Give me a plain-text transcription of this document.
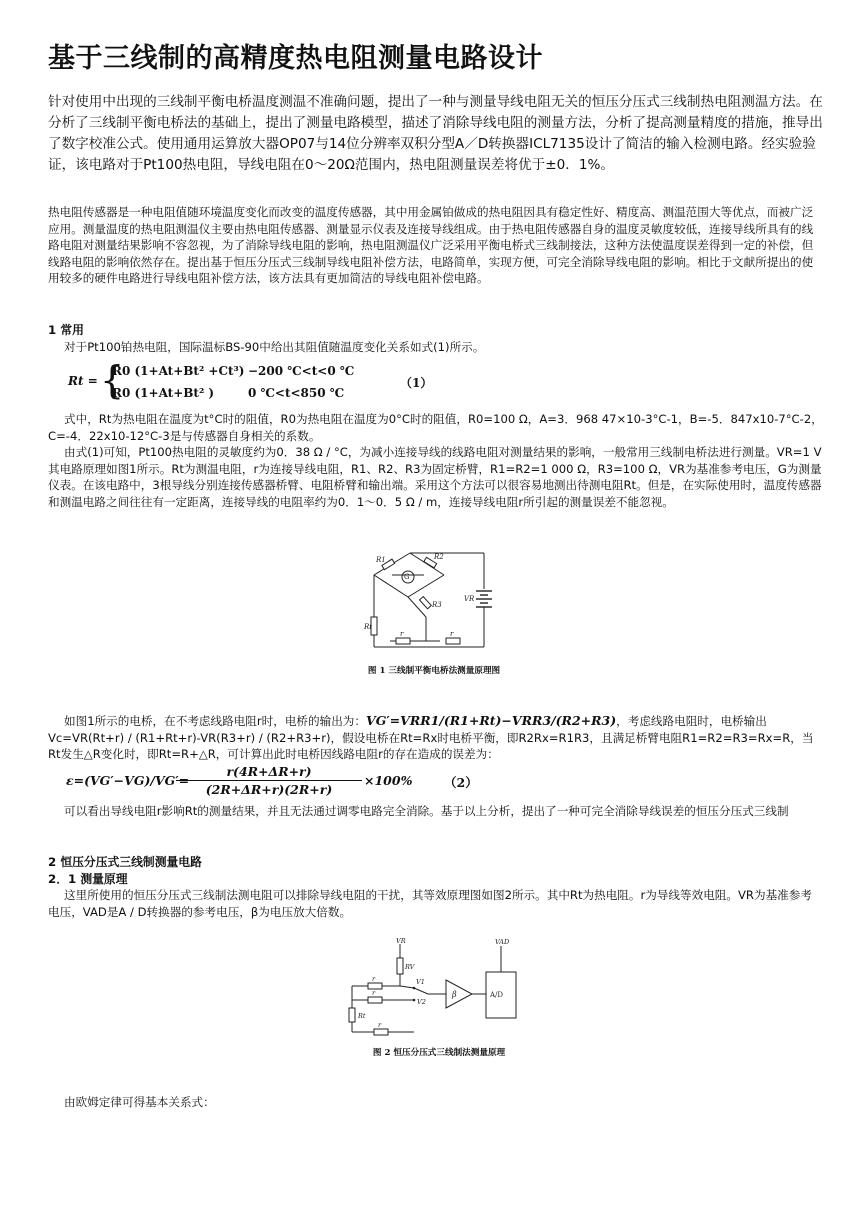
基于三线制的高精度热电阻测量电路设计

针对使用中出现的三线制平衡电桥温度测温不准确问题，提出了一种与测量导线电阻无关的恒压分压式三线制热电阻测温方法。在分析了三线制平衡电桥法的基础上，提出了测量电路模型，描述了消除导线电阻的测量方法，分析了提高测量精度的措施，推导出了数字校准公式。使用通用运算放大器OP07与14位分辨率双积分型A／D转换器ICL7135设计了简洁的输入检测电路。经实验验证，该电路对于Pt100热电阻，导线电阻在0～20Ω范围内，热电阻测量误差将优于±0．1%。

热电阻传感器是一种电阻值随环境温度变化而改变的温度传感器，其中用金属铂做成的热电阻因具有稳定性好、精度高、测温范围大等优点，而被广泛应用。测量温度的热电阻测温仪主要由热电阻传感器、测量显示仪表及连接导线组成。由于热电阻传感器自身的温度灵敏度较低，连接导线所具有的线路电阻对测量结果影响不容忽视，为了消除导线电阻的影响，热电阻测温仪广泛采用平衡电桥式三线制接法，这种方法使温度误差得到一定的补偿，但线路电阻的影响依然存在。提出基于恒压分压式三线制导线电阻补偿方法，电路简单，实现方便，可完全消除导线电阻的影响。相比于文献所提出的使用较多的硬件电路进行导线电阻补偿方法，该方法具有更加简洁的导线电阻补偿电路。

1 常用

对于Pt100铂热电阻，国际温标BS-90中给出其阻值随温度变化关系如式(1)所示。

Rt = {
R0 (1+At+Bt² +Ct³)
R0 (1+At+Bt² )
−200 ℃<t<0 ℃
0 ℃<t<850 ℃
（1）

式中，Rt为热电阻在温度为t°C时的阻值，R0为热电阻在温度为0°C时的阻值，R0=100 Ω，A=3．968 47×10-3°C-1，B=-5．847x10-7°C-2，C=-4．22x10-12°C-3是与传感器自身相关的系数。

由式(1)可知，Pt100热电阻的灵敏度约为0．38 Ω / °C，为减小连接导线的线路电阻对测量结果的影响，一般常用三线制电桥法进行测量。VR=1 V其电路原理如图1所示。Rt为测温电阻，r为连接导线电阻，R1、R2、R3为固定桥臂，R1=R2=1 000 Ω，R3=100 Ω，VR为基准参考电压，G为测量仪表。在该电路中，3根导线分别连接传感器桥臂、电阻桥臂和输出端。采用这个方法可以很容易地测出待测电阻Rt。但是，在实际使用时，温度传感器和测温电路之间往往有一定距离，连接导线的电阻率约为0．1～0．5 Ω / m，连接导线电阻r所引起的测量误差不能忽视。

R1	R2
G
R3
VR
Rt
r	r
图 1 三线制平衡电桥法测量原理图

如图1所示的电桥，在不考虑线路电阻r时，电桥的输出为：VG′=VRR1/(R1+Rt)−VRR3/(R2+R3)，考虑线路电阻时，电桥输出Vc=VR(Rt+r) / (R1+Rt+r)-VR(R3+r) / (R2+R3+r)，假设电桥在Rt=Rx时电桥平衡，即R2Rx=R1R3，且满足桥臂电阻R1=R2=R3=Rx=R，当Rt发生△R变化时，即Rt=R+△R，可计算出此时电桥因线路电阻r的存在造成的误差为：

ε=(VG′−VG)/VG′=
$\frac{r(4R+\Delta R+r)}{(2R+\Delta R+r)(2R+r)} \times 100\%$	（2）

可以看出导线电阻r影响Rt的测量结果，并且无法通过调零电路完全消除。基于以上分析，提出了一种可完全消除导线误差的恒压分压式三线制

2 恒压分压式三线制测量电路
2．1 测量原理

这里所使用的恒压分压式三线制法测电阻可以排除导线电阻的干扰，其等效原理图如图2所示。其中Rt为热电阻。r为导线等效电阻。VR为基准参考电压，VAD是A / D转换器的参考电压，β为电压放大倍数。

VR
RV
V1
V2
β	A/D
VAD
r
r
Rt
r
图 2 恒压分压式三线制法测量原理

由欧姆定律可得基本关系式：
